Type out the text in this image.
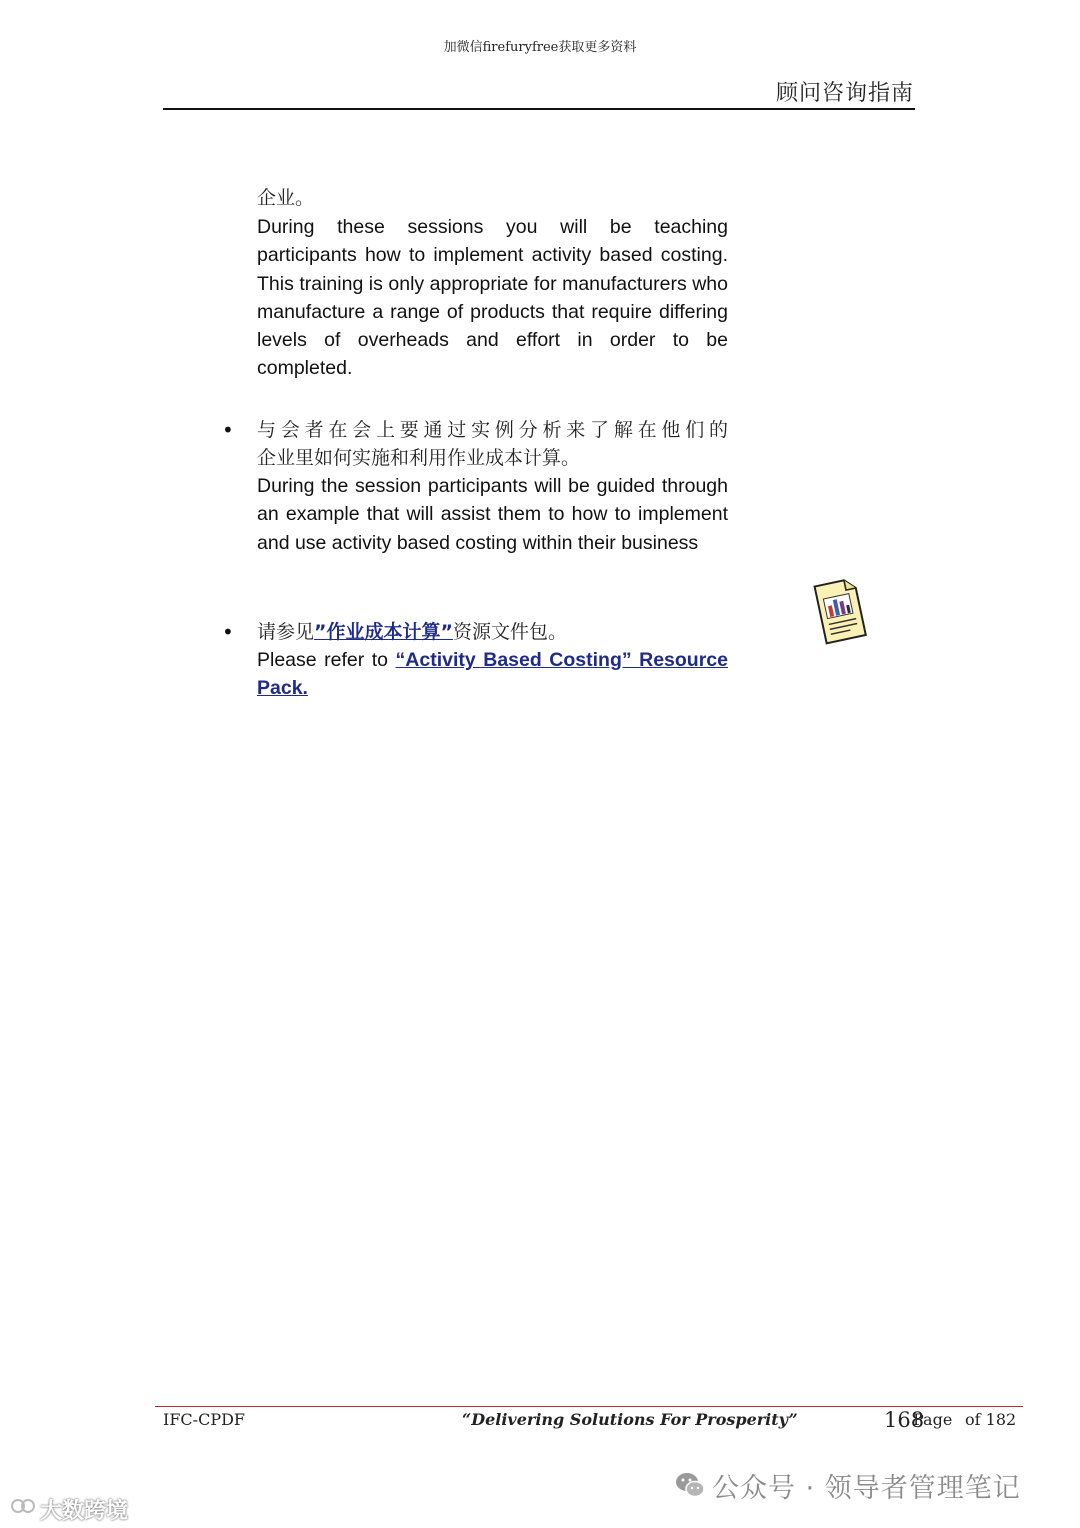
加微信firefuryfree获取更多资料
顾问咨询指南
企业。
During these sessions you will be teaching participants how to implement activity based costing. This training is only appropriate for manufacturers who manufacture a range of products that require differing levels of overheads and effort in order to be completed.
• 与会者在会上要通过实例分析来了解在他们的
企业里如何实施和利用作业成本计算。
During the session participants will be guided through an example that will assist them to how to implement and use activity based costing within their business
• 请参见”作业成本计算”资源文件包。
Please refer to “Activity Based Costing” Resource Pack.
IFC-CPDF	“Delivering Solutions For Prosperity”	168
Page of 182
大数跨境
公众号 · 领导者管理笔记
